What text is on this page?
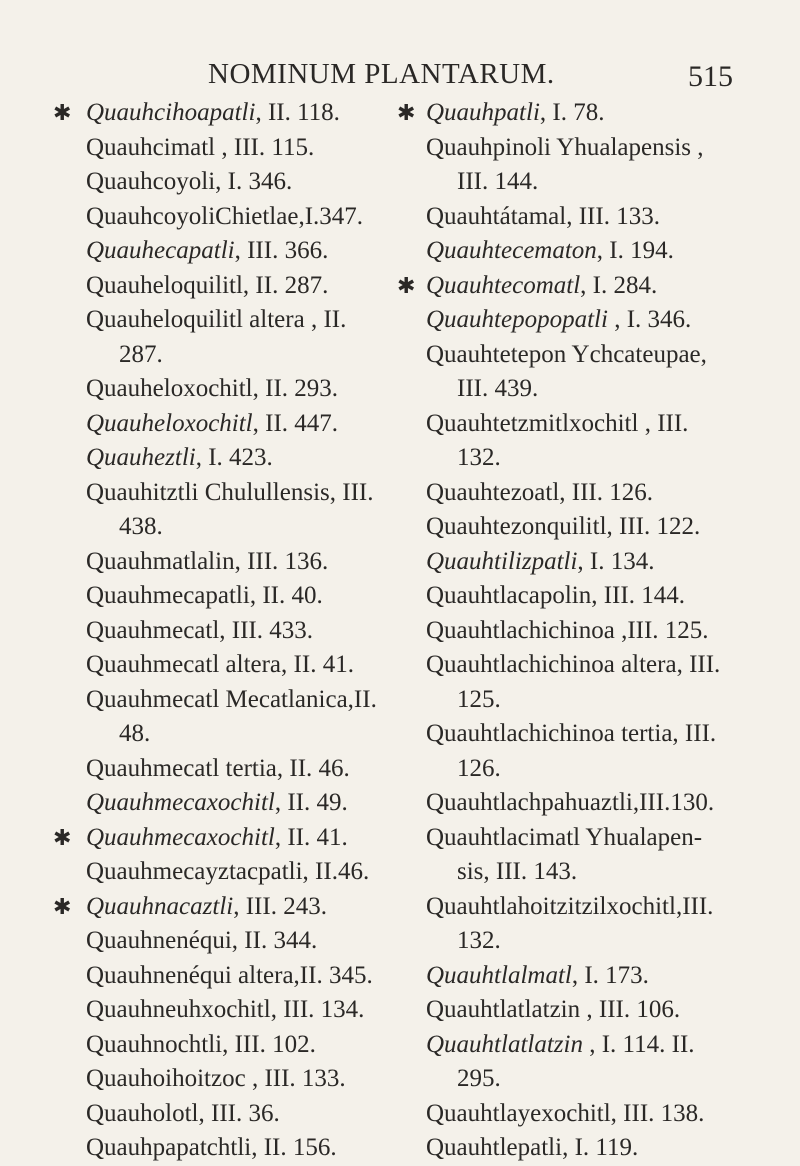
NOMINUM PLANTARUM.	515
✱ Quauhcihoapatli, II. 118.
Quauhcimatl , III. 115.
Quauhcoyoli, I. 346.
QuauhcoyoliChietlae,I.347.
Quauhecapatli, III. 366.
Quauheloquilitl, II. 287.
Quauheloquilitl altera , II.
287.
Quauheloxochitl, II. 293.
Quauheloxochitl, II. 447.
Quauheztli, I. 423.
Quauhitztli Chulullensis, III.
438.
Quauhmatlalin, III. 136.
Quauhmecapatli, II. 40.
Quauhmecatl, III. 433.
Quauhmecatl altera, II. 41.
Quauhmecatl Mecatlanica,II.
48.
Quauhmecatl tertia, II. 46.
Quauhmecaxochitl, II. 49.
✱ Quauhmecaxochitl, II. 41.
Quauhmecayztacpatli, II.46.
✱ Quauhnacaztli, III. 243.
Quauhnenéqui, II. 344.
Quauhnenéqui altera,II. 345.
Quauhneuhxochitl, III. 134.
Quauhnochtli, III. 102.
Quauhoihoitzoc , III. 133.
Quauholotl, III. 36.
Quauhpapatchtli, II. 156.
✱ Quauhpatli, I. 78.
Quauhpinoli Yhualapensis ,
III. 144.
Quauhtátamal, III. 133.
Quauhtecematon, I. 194.
✱ Quauhtecomatl, I. 284.
Quauhtepopopatli , I. 346.
Quauhtetepon Ychcateupae,
III. 439.
Quauhtetzmitlxochitl , III.
132.
Quauhtezoatl, III. 126.
Quauhtezonquilitl, III. 122.
Quauhtilizpatli, I. 134.
Quauhtlacapolin, III. 144.
Quauhtlachichinoa ,III. 125.
Quauhtlachichinoa altera, III.
125.
Quauhtlachichinoa tertia, III.
126.
Quauhtlachpahuaztli,III.130.
Quauhtlacimatl Yhualapen-
sis, III. 143.
Quauhtlahoitzitzilxochitl,III.
132.
Quauhtlalmatl, I. 173.
Quauhtlatlatzin , III. 106.
Quauhtlatlatzin , I. 114. II.
295.
Quauhtlayexochitl, III. 138.
Quauhtlepatli, I. 119.
